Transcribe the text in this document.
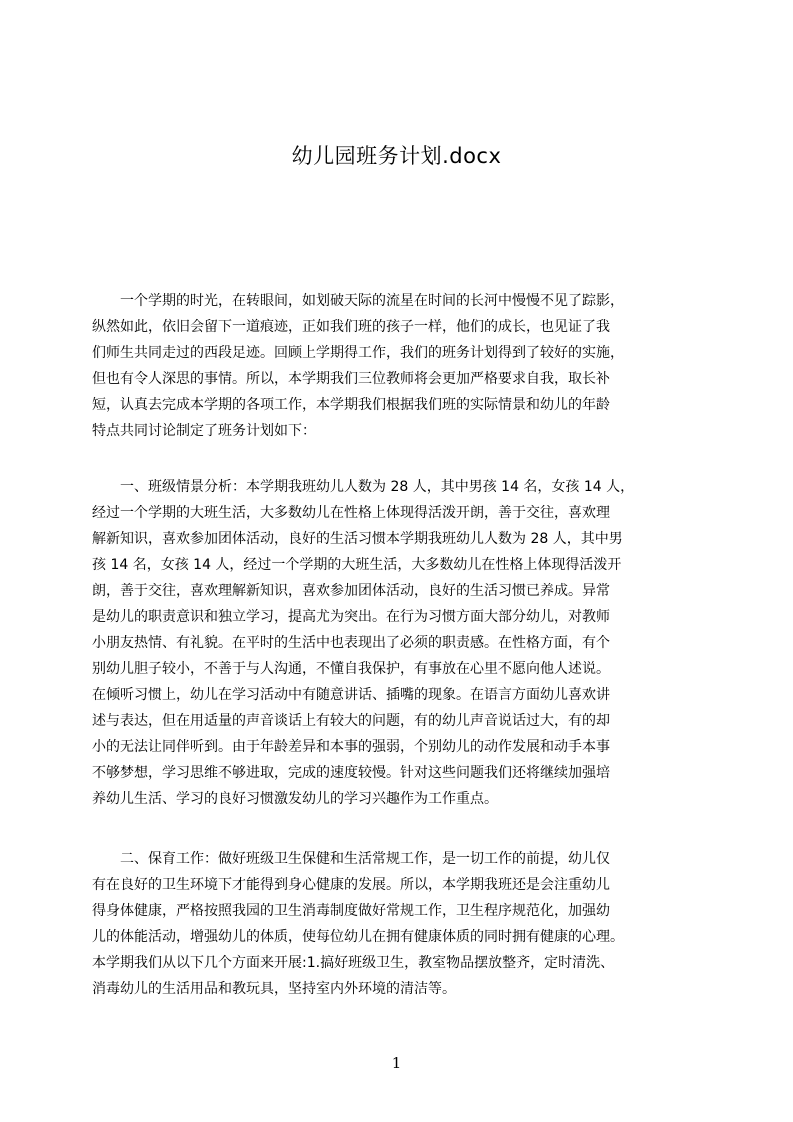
幼儿园班务计划.docx
　　一个学期的时光，在转眼间，如划破天际的流星在时间的长河中慢慢不见了踪影，
纵然如此，依旧会留下一道痕迹，正如我们班的孩子一样，他们的成长，也见证了我
们师生共同走过的西段足迹。回顾上学期得工作，我们的班务计划得到了较好的实施，
但也有令人深思的事情。所以，本学期我们三位教师将会更加严格要求自我，取长补
短，认真去完成本学期的各项工作，本学期我们根据我们班的实际情景和幼儿的年龄
特点共同讨论制定了班务计划如下：
　　一、班级情景分析：本学期我班幼儿人数为 28 人，其中男孩 14 名，女孩 14 人，
经过一个学期的大班生活，大多数幼儿在性格上体现得活泼开朗，善于交往，喜欢理
解新知识，喜欢参加团体活动，良好的生活习惯本学期我班幼儿人数为 28 人，其中男
孩 14 名，女孩 14 人，经过一个学期的大班生活，大多数幼儿在性格上体现得活泼开
朗，善于交往，喜欢理解新知识，喜欢参加团体活动，良好的生活习惯已养成。异常
是幼儿的职责意识和独立学习，提高尤为突出。在行为习惯方面大部分幼儿，对教师
小朋友热情、有礼貌。在平时的生活中也表现出了必须的职责感。在性格方面，有个
别幼儿胆子较小，不善于与人沟通，不懂自我保护，有事放在心里不愿向他人述说。
在倾听习惯上，幼儿在学习活动中有随意讲话、插嘴的现象。在语言方面幼儿喜欢讲
述与表达，但在用适量的声音谈话上有较大的问题，有的幼儿声音说话过大，有的却
小的无法让同伴听到。由于年龄差异和本事的强弱，个别幼儿的动作发展和动手本事
不够梦想，学习思维不够进取，完成的速度较慢。针对这些问题我们还将继续加强培
养幼儿生活、学习的良好习惯激发幼儿的学习兴趣作为工作重点。
　　二、保育工作：做好班级卫生保健和生活常规工作，是一切工作的前提，幼儿仅
有在良好的卫生环境下才能得到身心健康的发展。所以，本学期我班还是会注重幼儿
得身体健康，严格按照我园的卫生消毒制度做好常规工作，卫生程序规范化，加强幼
儿的体能活动，增强幼儿的体质，使每位幼儿在拥有健康体质的同时拥有健康的心理。
本学期我们从以下几个方面来开展:1.搞好班级卫生，教室物品摆放整齐，定时清洗、
消毒幼儿的生活用品和教玩具，坚持室内外环境的清洁等。
1
